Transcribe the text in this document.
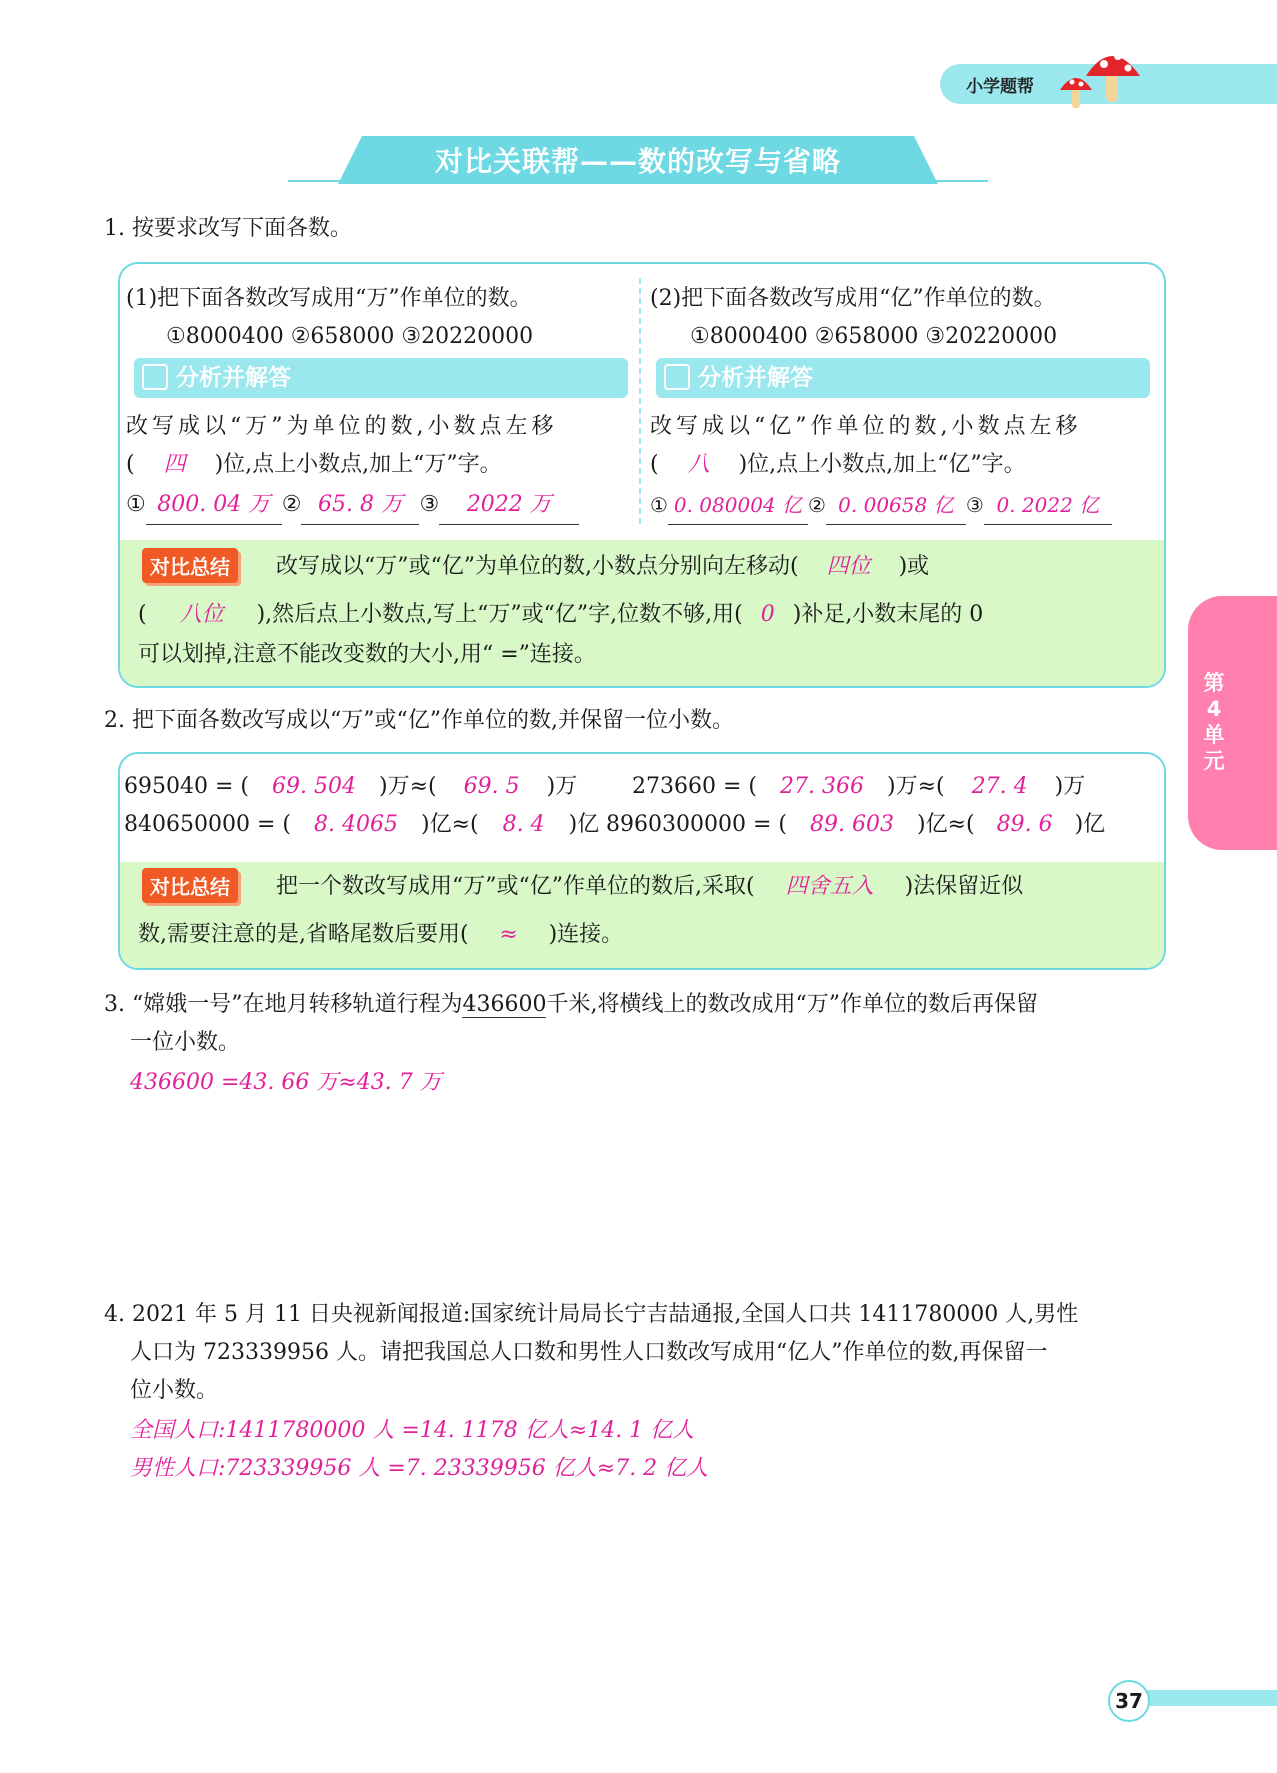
小学题帮
对比关联帮——数的改写与省略
1. 按要求改写下面各数。
(1)把下面各数改写成用“万”作单位的数。
①8000400 ②658000 ③20220000
分析并解答
改写成以“万”为单位的数,小数点左移
( 四 )位,点上小数点,加上“万”字。
① 800. 04 万 ② 65. 8 万 ③ 2022 万
(2)把下面各数改写成用“亿”作单位的数。
①8000400 ②658000 ③20220000
分析并解答
改写成以“亿”作单位的数,小数点左移
( 八 )位,点上小数点,加上“亿”字。
① 0. 080004 亿 ② 0. 00658 亿 ③ 0. 2022 亿
对比总结	改写成以“万”或“亿”为单位的数,小数点分别向左移动( 四位 )或
( 八位 ),然后点上小数点,写上“万”或“亿”字,位数不够,用( 0 )补足,小数末尾的 0
可以划掉,注意不能改变数的大小,用“ =”连接。
2. 把下面各数改写成以“万”或“亿”作单位的数,并保留一位小数。
695040 = ( 69. 504 )万≈( 69. 5 )万 273660 = ( 27. 366 )万≈( 27. 4 )万
840650000 = ( 8. 4065 )亿≈( 8. 4 )亿 8960300000 = ( 89. 603 )亿≈( 89. 6 )亿
对比总结	把一个数改写成用“万”或“亿”作单位的数后,采取( 四舍五入 )法保留近似
数,需要注意的是,省略尾数后要用( ≈ )连接。
3. “嫦娥一号”在地月转移轨道行程为436600千米,将横线上的数改成用“万”作单位的数后再保留
一位小数。
436600 =43. 66 万≈43. 7 万
4. 2021 年 5 月 11 日央视新闻报道:国家统计局局长宁吉喆通报,全国人口共 1411780000 人,男性
人口为 723339956 人。请把我国总人口数和男性人口数改写成用“亿人”作单位的数,再保留一
位小数。
全国人口:1411780000 人 =14. 1178 亿人≈14. 1 亿人
男性人口:723339956 人 =7. 23339956 亿人≈7. 2 亿人
第
4
单
元
37
